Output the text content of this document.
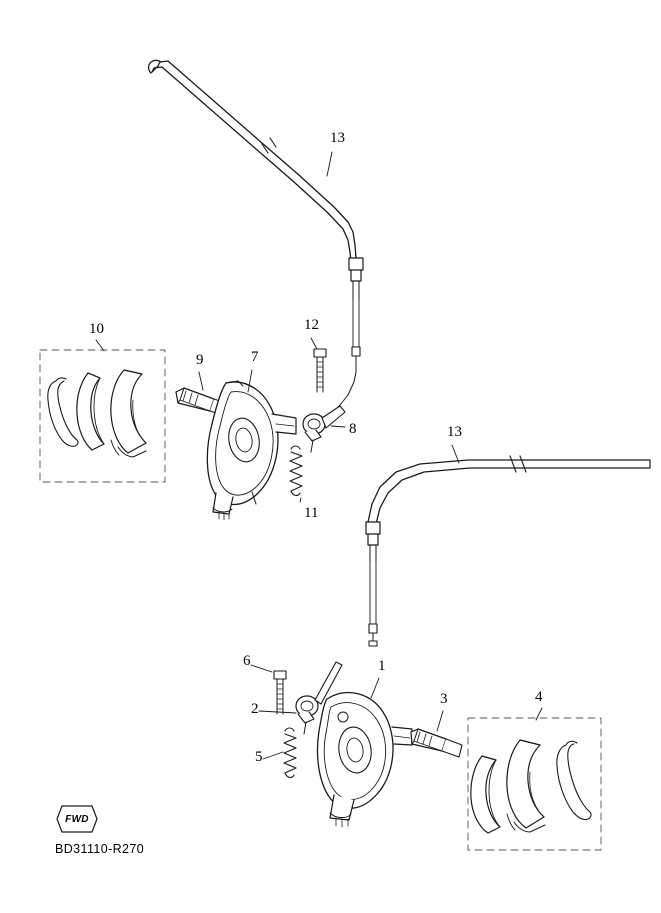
13
10
9	7
12
8
11
13
6	1
3	4
2
5
FWD
BD31110-R270
